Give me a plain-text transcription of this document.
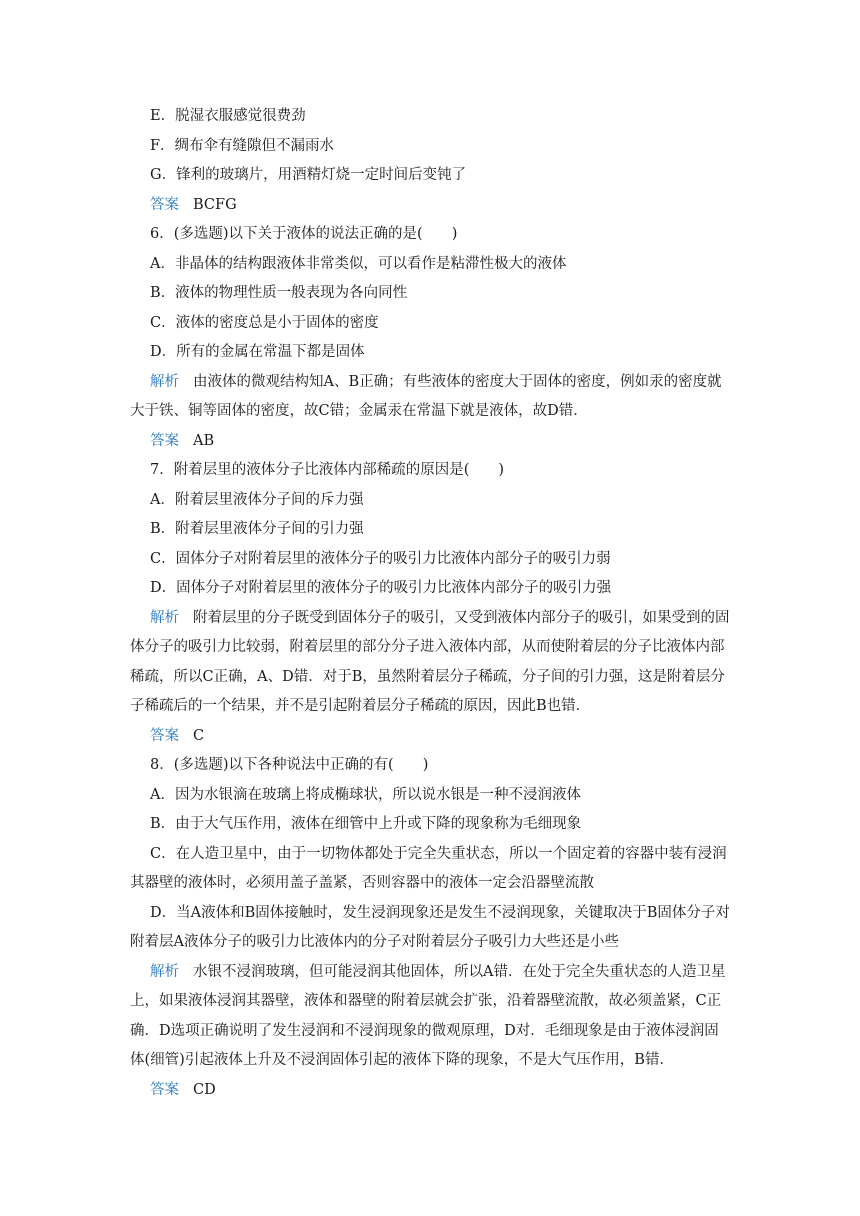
E．脱湿衣服感觉很费劲
F．绸布伞有缝隙但不漏雨水
G．锋利的玻璃片，用酒精灯烧一定时间后变钝了
答案 BCFG
6．(多选题)以下关于液体的说法正确的是(　　)
A．非晶体的结构跟液体非常类似，可以看作是粘滞性极大的液体
B．液体的物理性质一般表现为各向同性
C．液体的密度总是小于固体的密度
D．所有的金属在常温下都是固体
解析 由液体的微观结构知A、B正确；有些液体的密度大于固体的密度，例如汞的密度就大于铁、铜等固体的密度，故C错；金属汞在常温下就是液体，故D错．
答案 AB
7．附着层里的液体分子比液体内部稀疏的原因是(　　)
A．附着层里液体分子间的斥力强
B．附着层里液体分子间的引力强
C．固体分子对附着层里的液体分子的吸引力比液体内部分子的吸引力弱
D．固体分子对附着层里的液体分子的吸引力比液体内部分子的吸引力强
解析 附着层里的分子既受到固体分子的吸引，又受到液体内部分子的吸引，如果受到的固体分子的吸引力比较弱，附着层里的部分分子进入液体内部，从而使附着层的分子比液体内部稀疏，所以C正确，A、D错．对于B，虽然附着层分子稀疏，分子间的引力强，这是附着层分子稀疏后的一个结果，并不是引起附着层分子稀疏的原因，因此B也错．
答案 C
8．(多选题)以下各种说法中正确的有(　　)
A．因为水银滴在玻璃上将成椭球状，所以说水银是一种不浸润液体
B．由于大气压作用，液体在细管中上升或下降的现象称为毛细现象
C．在人造卫星中，由于一切物体都处于完全失重状态，所以一个固定着的容器中装有浸润其器壁的液体时，必须用盖子盖紧，否则容器中的液体一定会沿器壁流散
D．当A液体和B固体接触时，发生浸润现象还是发生不浸润现象，关键取决于B固体分子对附着层A液体分子的吸引力比液体内的分子对附着层分子吸引力大些还是小些
解析 水银不浸润玻璃，但可能浸润其他固体，所以A错．在处于完全失重状态的人造卫星上，如果液体浸润其器壁，液体和器壁的附着层就会扩张，沿着器壁流散，故必须盖紧，C正确．D选项正确说明了发生浸润和不浸润现象的微观原理，D对．毛细现象是由于液体浸润固体(细管)引起液体上升及不浸润固体引起的液体下降的现象，不是大气压作用，B错．
答案 CD
